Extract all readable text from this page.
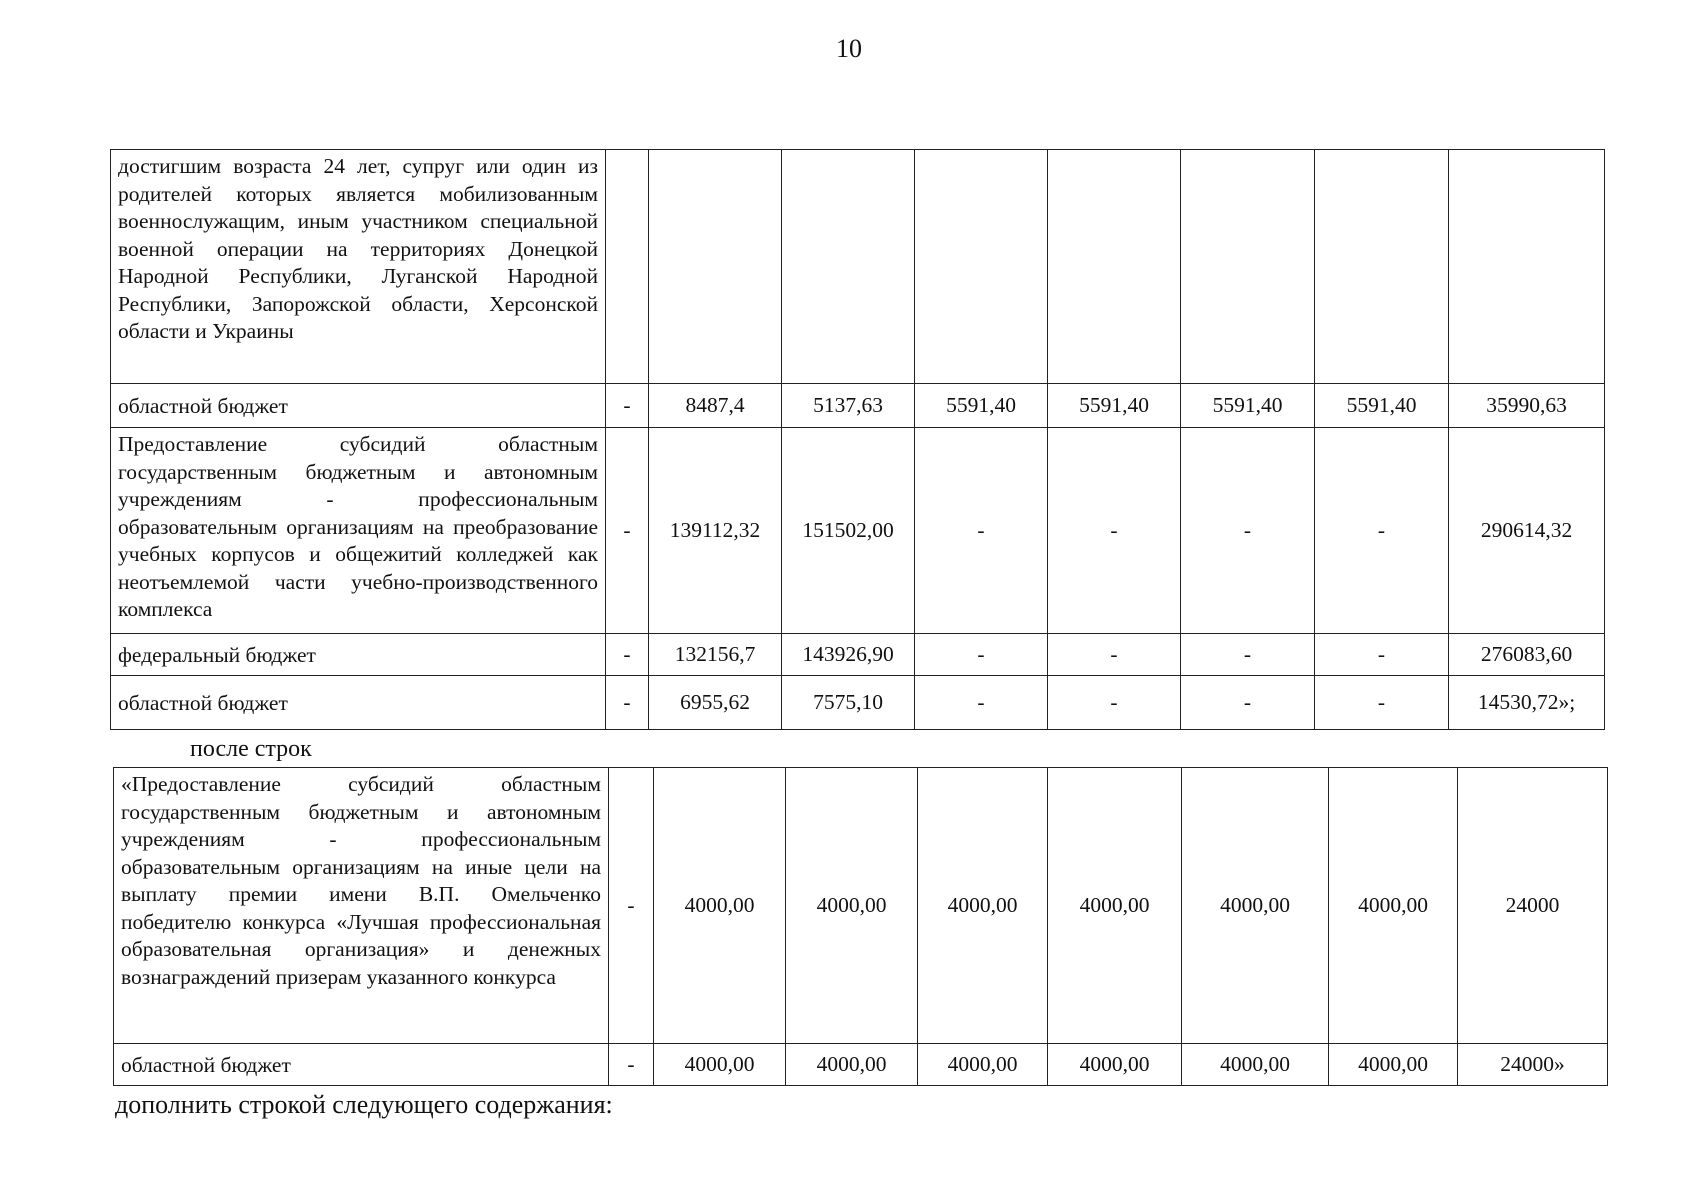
10
достигшим возраста 24 лет, супруг или один из родителей которых является мобилизованным военнослужащим, иным участником специальной военной операции на территориях Донецкой Народной Республики, Луганской Народной Республики, Запорожской области, Херсонской области и Украины								
областной бюджет	-	8487,4	5137,63	5591,40	5591,40	5591,40	5591,40	35990,63
Предоставление субсидий областным государственным бюджетным и автономным учреждениям - профессиональным образовательным организациям на преобразование учебных корпусов и общежитий колледжей как неотъемлемой части учебно-производственного комплекса	-	139112,32	151502,00	-	-	-	-	290614,32
федеральный бюджет	-	132156,7	143926,90	-	-	-	-	276083,60
областной бюджет	-	6955,62	7575,10	-	-	-	-	14530,72»;
после строк
«Предоставление субсидий областным государственным бюджетным и автономным учреждениям - профессиональным образовательным организациям на иные цели на выплату премии имени В.П. Омельченко победителю конкурса «Лучшая профессиональная образовательная организация» и денежных вознаграждений призерам указанного конкурса	-	4000,00	4000,00	4000,00	4000,00	4000,00	4000,00	24000
областной бюджет	-	4000,00	4000,00	4000,00	4000,00	4000,00	4000,00	24000»
дополнить строкой следующего содержания:
